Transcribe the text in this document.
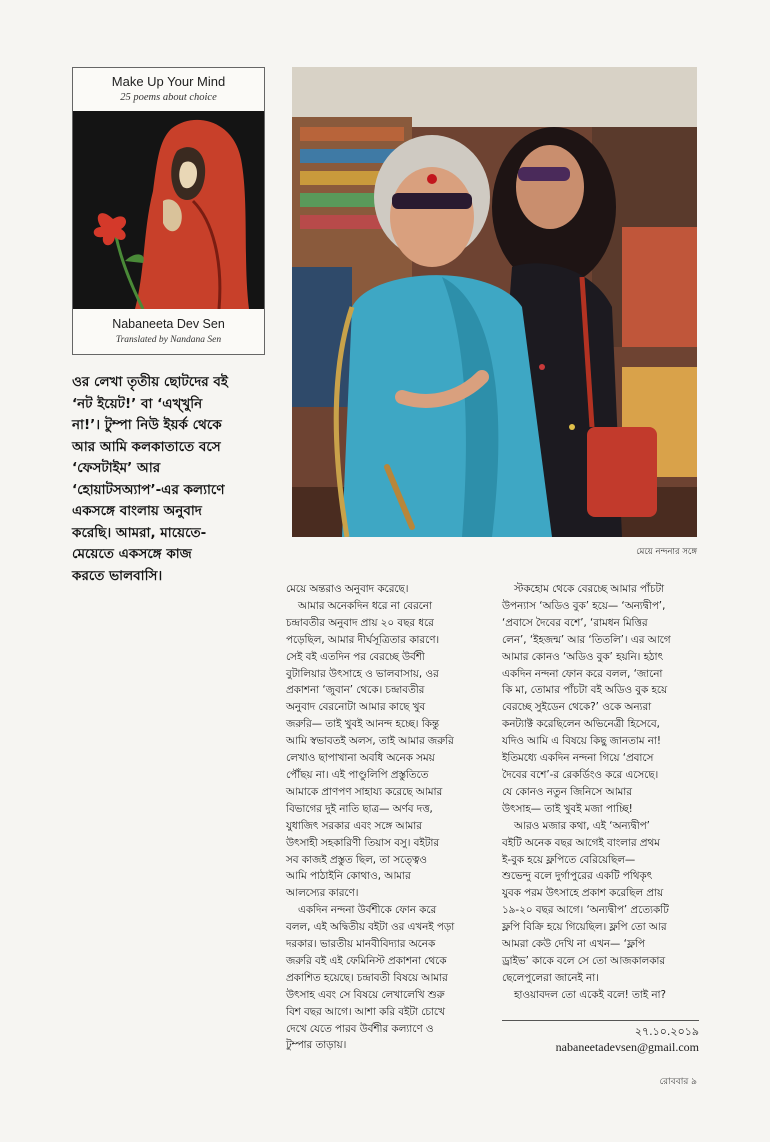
Make Up Your Mind
25 poems about choice
Nabaneeta Dev Sen
Translated by Nandana Sen
ওর লেখা তৃতীয় ছোটদের বই
‘নট ইয়েট!’ বা ‘এখ্খুনি
না!’। টুম্পা নিউ ইয়র্ক থেকে
আর আমি কলকাতাতে বসে
‘ফেসটাইম’ আর
‘হোয়াটসঅ্যাপ’-এর কল্যাণে
একসঙ্গে বাংলায় অনুবাদ
করেছি। আমরা, মায়েতে-
মেয়েতে একসঙ্গে কাজ
করতে ভালবাসি।
মেয়ে নন্দনার সঙ্গে

মেয়ে অন্তরাও অনুবাদ করেছে।

আমার অনেকদিন ধরে না বেরনো
চন্দ্রাবতীর অনুবাদ প্রায় ২০ বছর ধরে
পড়েছিল, আমার দীর্ঘসূত্রিতার কারণে।
সেই বই এতদিন পর বেরচ্ছে উর্বশী
বুটালিয়ার উৎসাহে ও ভালবাসায়, ওর
প্রকাশনা ‘জুবান’ থেকে। চন্দ্রাবতীর
অনুবাদ বেরনোটা আমার কাছে খুব
জরুরি— তাই খুবই আনন্দ হচ্ছে। কিন্তু
আমি স্বভাবতই অলস, তাই আমার জরুরি
লেখাও ছাপাখানা অবধি অনেক সময়
পৌঁছয় না। এই পাণ্ডুলিপি প্রস্তুতিতে
আমাকে প্রাণপণ সাহায্য করেছে আমার
বিভাগের দুই নাতি ছাত্র— অর্ণব দত্ত,
যুধাজিৎ সরকার এবং সঙ্গে আমার
উৎসাহী সহকারিণী তিয়াস বসু। বইটার
সব কাজই প্রস্তুত ছিল, তা সত্ত্বেও
আমি পাঠাইনি কোথাও, আমার
আলস্যের কারণে।

একদিন নন্দনা উর্বশীকে ফোন করে
বলল, এই অদ্বিতীয় বইটা ওর এখনই পড়া
দরকার। ভারতীয় মানবীবিদ্যার অনেক
জরুরি বই এই ফেমিনিস্ট প্রকাশনা থেকে
প্রকাশিত হয়েছে। চন্দ্রাবতী বিষয়ে আমার
উৎসাহ এবং সে বিষয়ে লেখালেখি শুরু
বিশ বছর আগে। আশা করি বইটা চোখে
দেখে যেতে পারব উর্বশীর কল্যাণে ও
টুম্পার তাড়ায়।

স্টকহোম থেকে বেরচ্ছে আমার পাঁচটা
উপন্যাস ‘অডিও বুক’ হয়ে— ‘অন্যদ্বীপ’,
‘প্রবাসে দৈবের বশে’, ‘রামধন মিত্তির
লেন’, ‘ইহজন্ম’ আর ‘তিতলি’। এর আগে
আমার কোনও ‘অডিও বুক’ হয়নি। হঠাৎ
একদিন নন্দনা ফোন করে বলল, ‘জানো
কি মা, তোমার পাঁচটা বই অডিও বুক হয়ে
বেরচ্ছে সুইডেন থেকে?’ ওকে অন্যরা
কনট্যাক্ট করেছিলেন অভিনেত্রী হিসেবে,
যদিও আমি এ বিষয়ে কিছু জানতাম না!
ইতিমধ্যে একদিন নন্দনা গিয়ে ‘প্রবাসে
দৈবের বশে’-র রেকর্ডিংও করে এসেছে।
যে কোনও নতুন জিনিসে আমার
উৎসাহ— তাই খুবই মজা পাচ্ছি!

আরও মজার কথা, এই ‘অন্যদ্বীপ’
বইটি অনেক বছর আগেই বাংলার প্রথম
ই-বুক হয়ে ফ্লপিতে বেরিয়েছিল—
শুভেন্দু বলে দুর্গাপুরের একটি পথিকৃৎ
যুবক পরম উৎসাহে প্রকাশ করেছিল প্রায়
১৯-২০ বছর আগে। ‘অন্যদ্বীপ’ প্রত্যেকটি
ফ্লপি বিক্রি হয়ে গিয়েছিল। ফ্লপি তো আর
আমরা কেউ দেখি না এখন— ‘ফ্লপি
ড্রাইভ’ কাকে বলে সে তো আজকালকার
ছেলেপুলেরা জানেই না।

হাওয়াবদল তো একেই বলে! তাই না?

২৭.১০.২০১৯
nabaneetadevsen@gmail.com
রোববার ৯
